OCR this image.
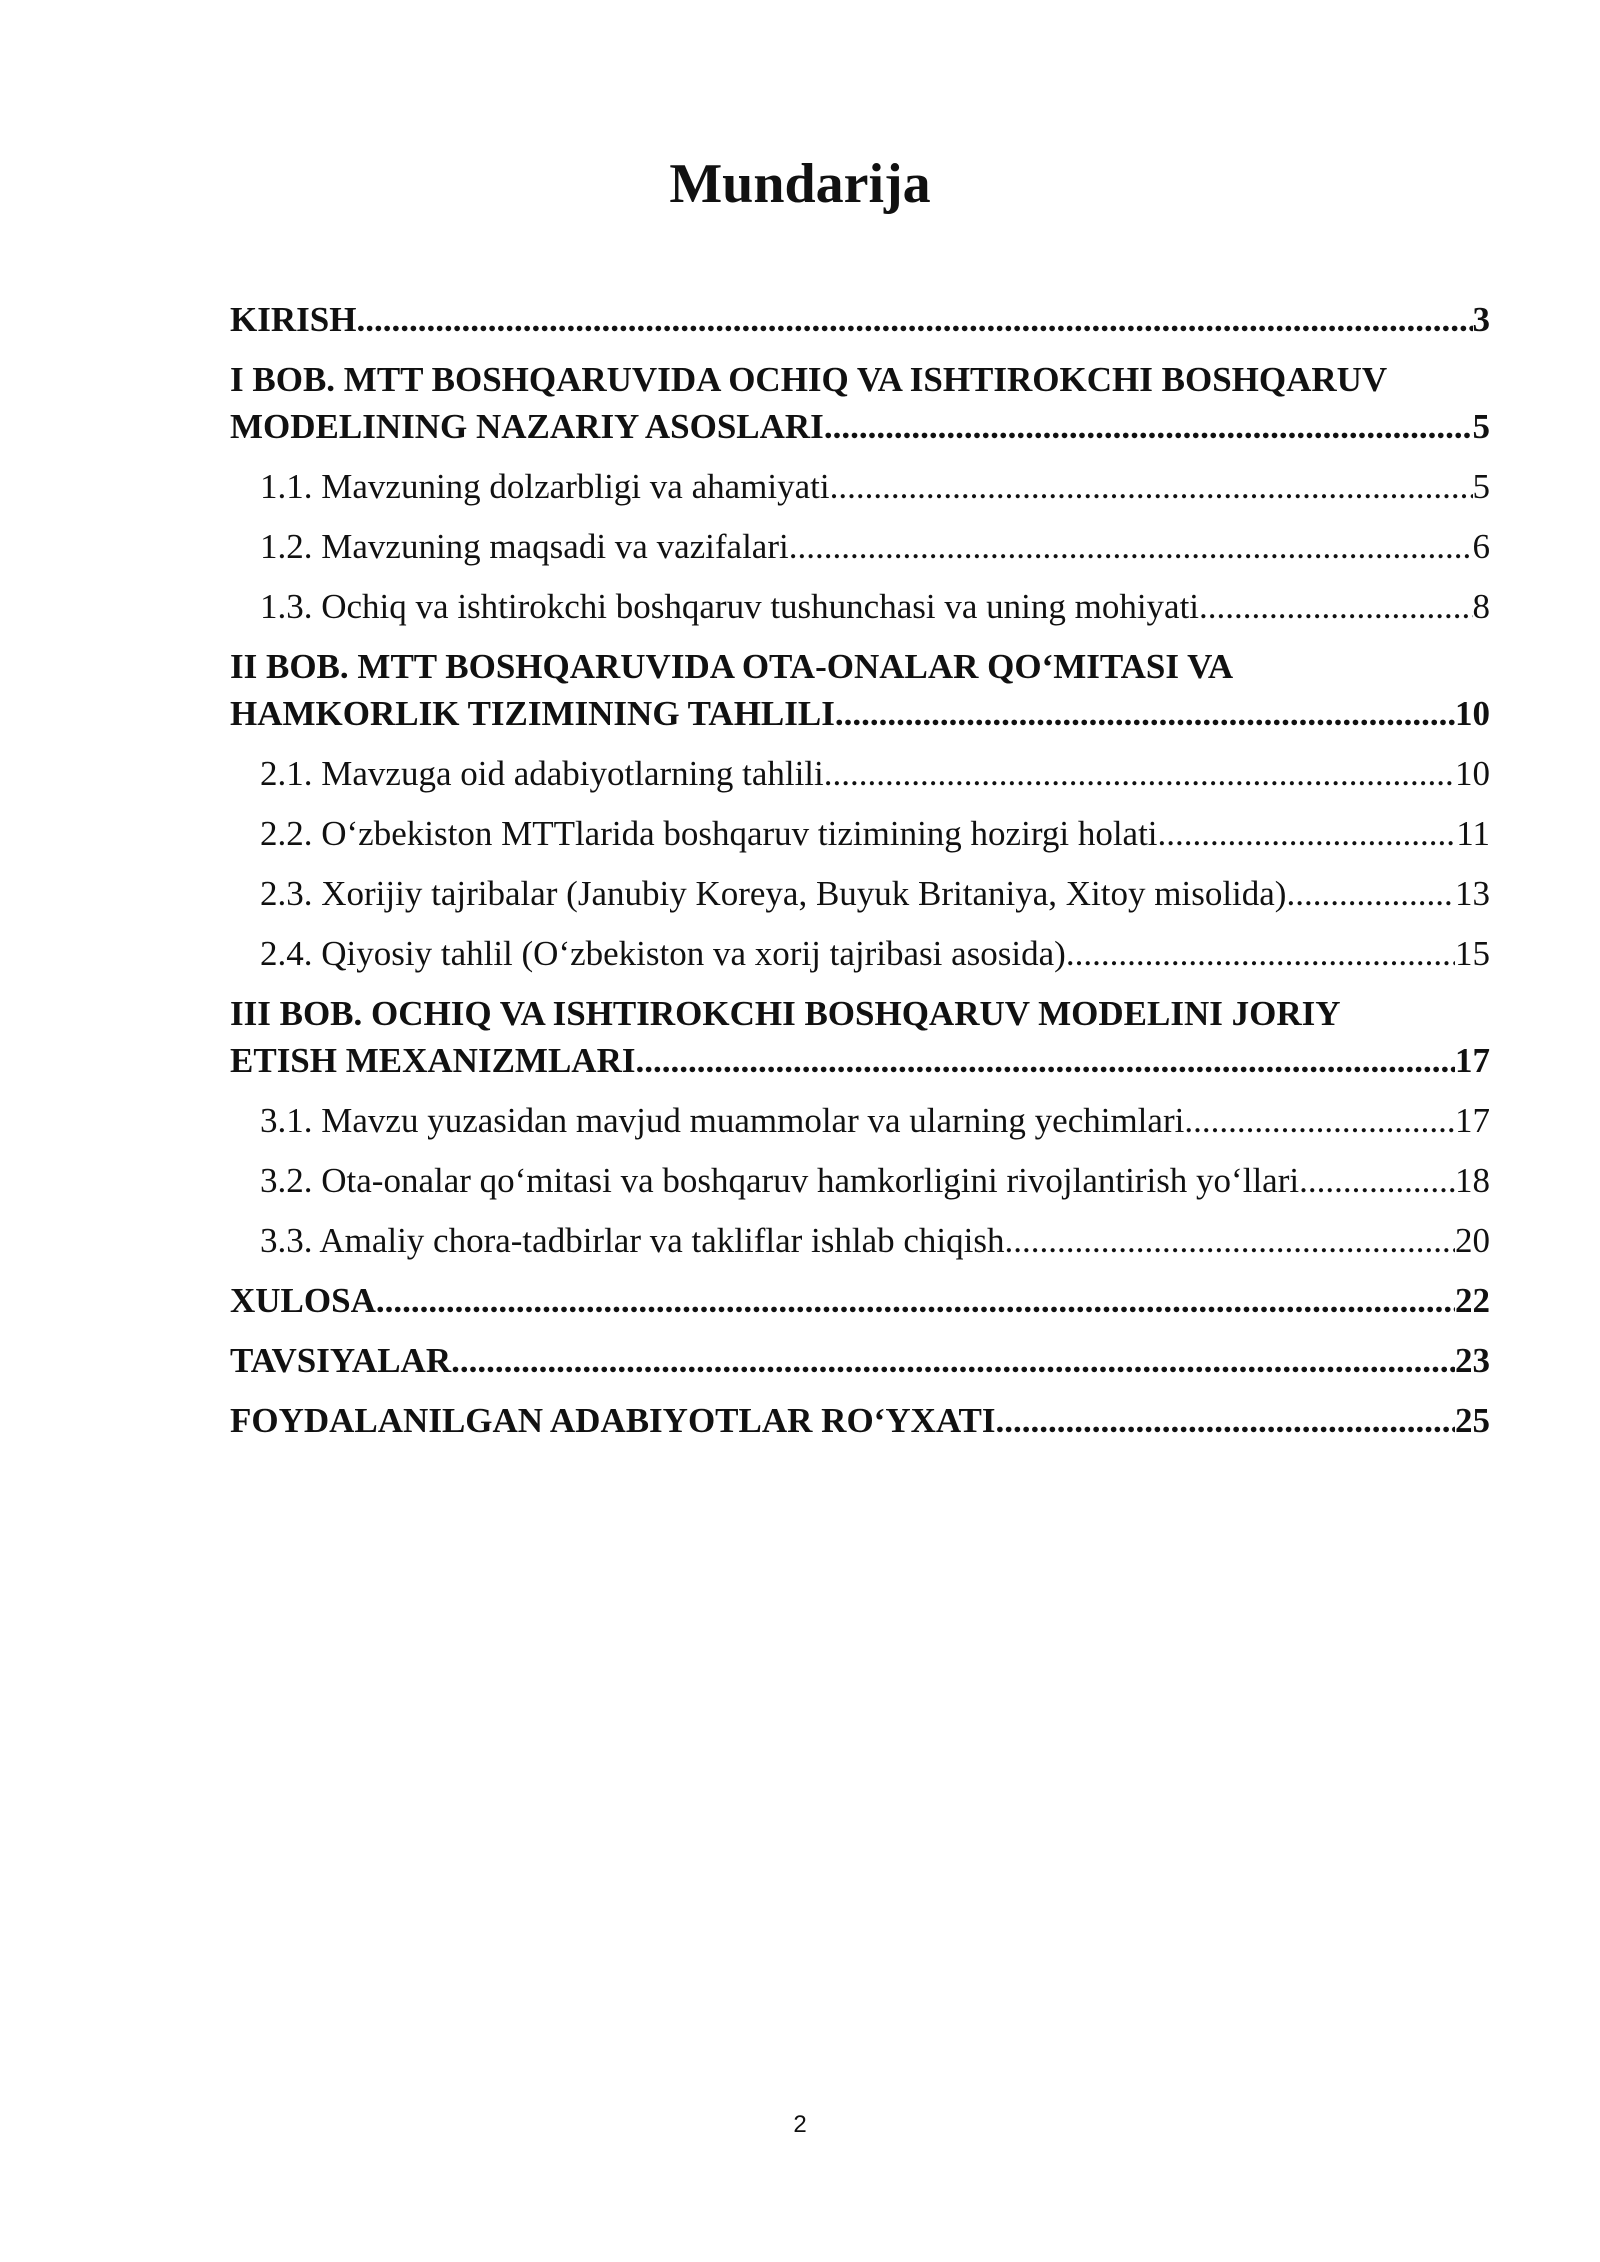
Mundarija
KIRISH .....	3
I BOB. MTT BOSHQARUVIDA OCHIQ VA ISHTIROKCHI BOSHQARUV
MODELINING NAZARIY ASOSLARI .....	5
1.1. Mavzuning dolzarbligi va ahamiyati .....	5
1.2. Mavzuning maqsadi va vazifalari .....	6
1.3. Ochiq va ishtirokchi boshqaruv tushunchasi va uning mohiyati .....	8
II BOB. MTT BOSHQARUVIDA OTA-ONALAR QO‘MITASI VA
HAMKORLIK TIZIMINING TAHLILI .....	10
2.1. Mavzuga oid adabiyotlarning tahlili .....	10
2.2. O‘zbekiston MTTlarida boshqaruv tizimining hozirgi holati .....	11
2.3. Xorijiy tajribalar (Janubiy Koreya, Buyuk Britaniya, Xitoy misolida) .....	13
2.4. Qiyosiy tahlil (O‘zbekiston va xorij tajribasi asosida) .....	15
III BOB. OCHIQ VA ISHTIROKCHI BOSHQARUV MODELINI JORIY
ETISH MEXANIZMLARI .....	17
3.1. Mavzu yuzasidan mavjud muammolar va ularning yechimlari .....	17
3.2. Ota-onalar qo‘mitasi va boshqaruv hamkorligini rivojlantirish yo‘llari .....	18
3.3. Amaliy chora-tadbirlar va takliflar ishlab chiqish .....	20
XULOSA .....	22
TAVSIYALAR .....	23
FOYDALANILGAN ADABIYOTLAR RO‘YXATI .....	25
2
